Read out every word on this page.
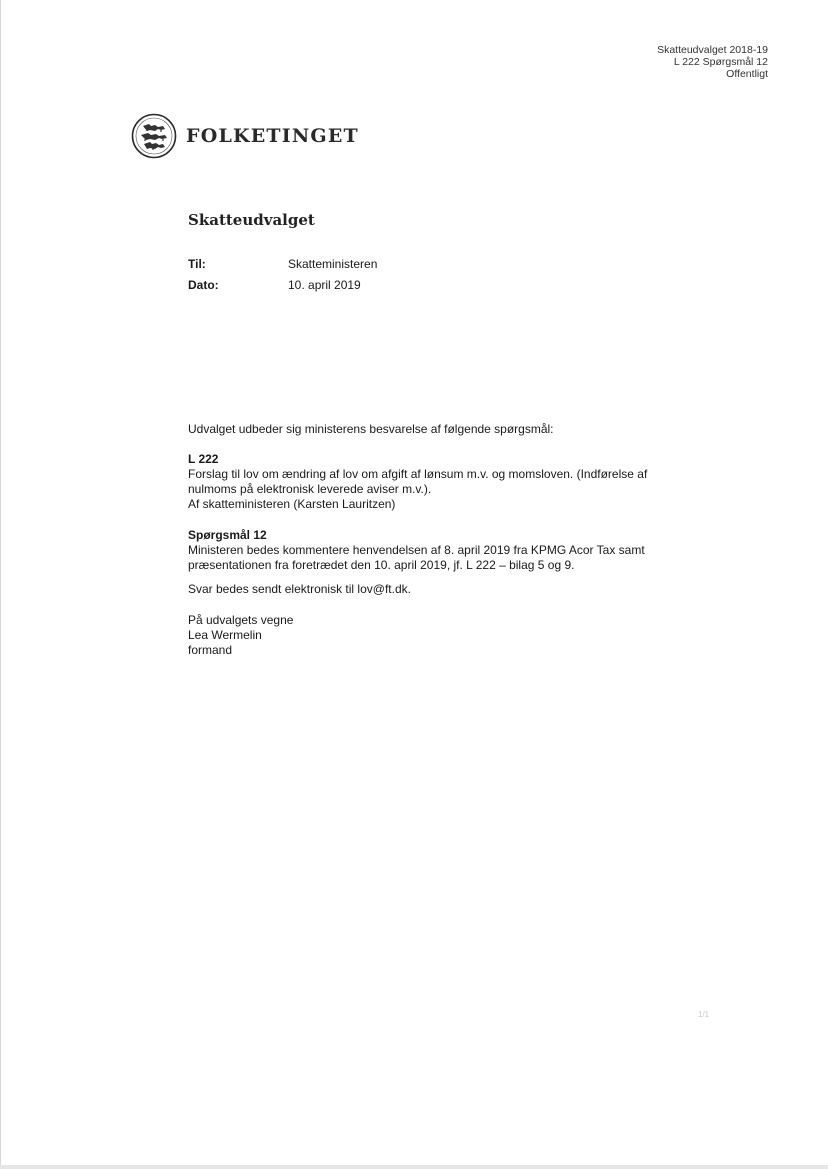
Skatteudvalget 2018-19
L 222 Spørgsmål 12
Offentligt
FOLKETINGET
Skatteudvalget
Til:	Skatteministeren
Dato:	10. april 2019

Udvalget udbeder sig ministerens besvarelse af følgende spørgsmål:

L 222

Forslag til lov om ændring af lov om afgift af lønsum m.v. og momsloven. (Indførelse af

nulmoms på elektronisk leverede aviser m.v.).

Af skatteministeren (Karsten Lauritzen)

Spørgsmål 12

Ministeren bedes kommentere henvendelsen af 8. april 2019 fra KPMG Acor Tax samt

præsentationen fra foretrædet den 10. april 2019, jf. L 222 – bilag 5 og 9.

Svar bedes sendt elektronisk til lov@ft.dk.

På udvalgets vegne

Lea Wermelin

formand

1/1
